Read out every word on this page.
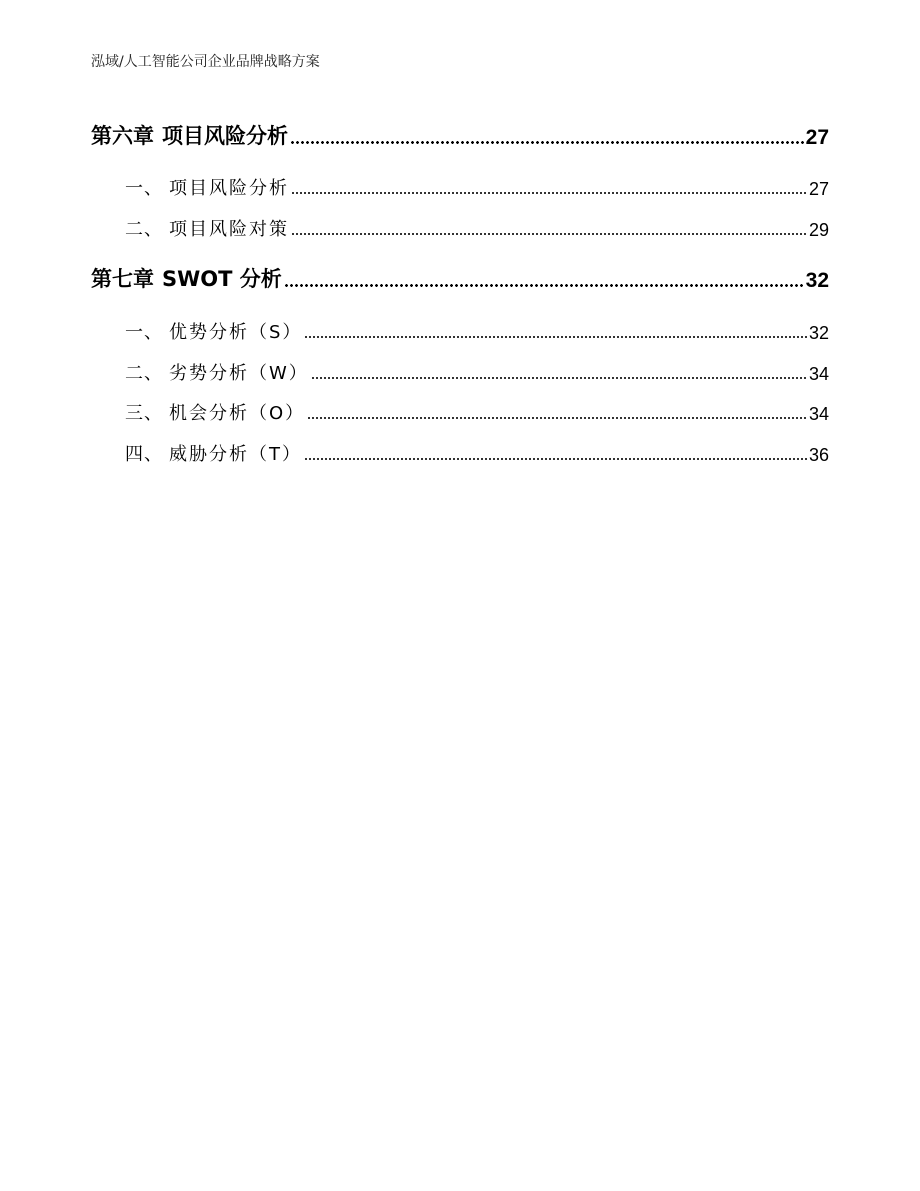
泓域/人工智能公司企业品牌战略方案
第六章 项目风险分析	27
一、 项目风险分析	27
二、 项目风险对策	29
第七章 SWOT 分析	32
一、 优势分析（S）	32
二、 劣势分析（W）	34
三、 机会分析（O）	34
四、 威胁分析（T）	36
